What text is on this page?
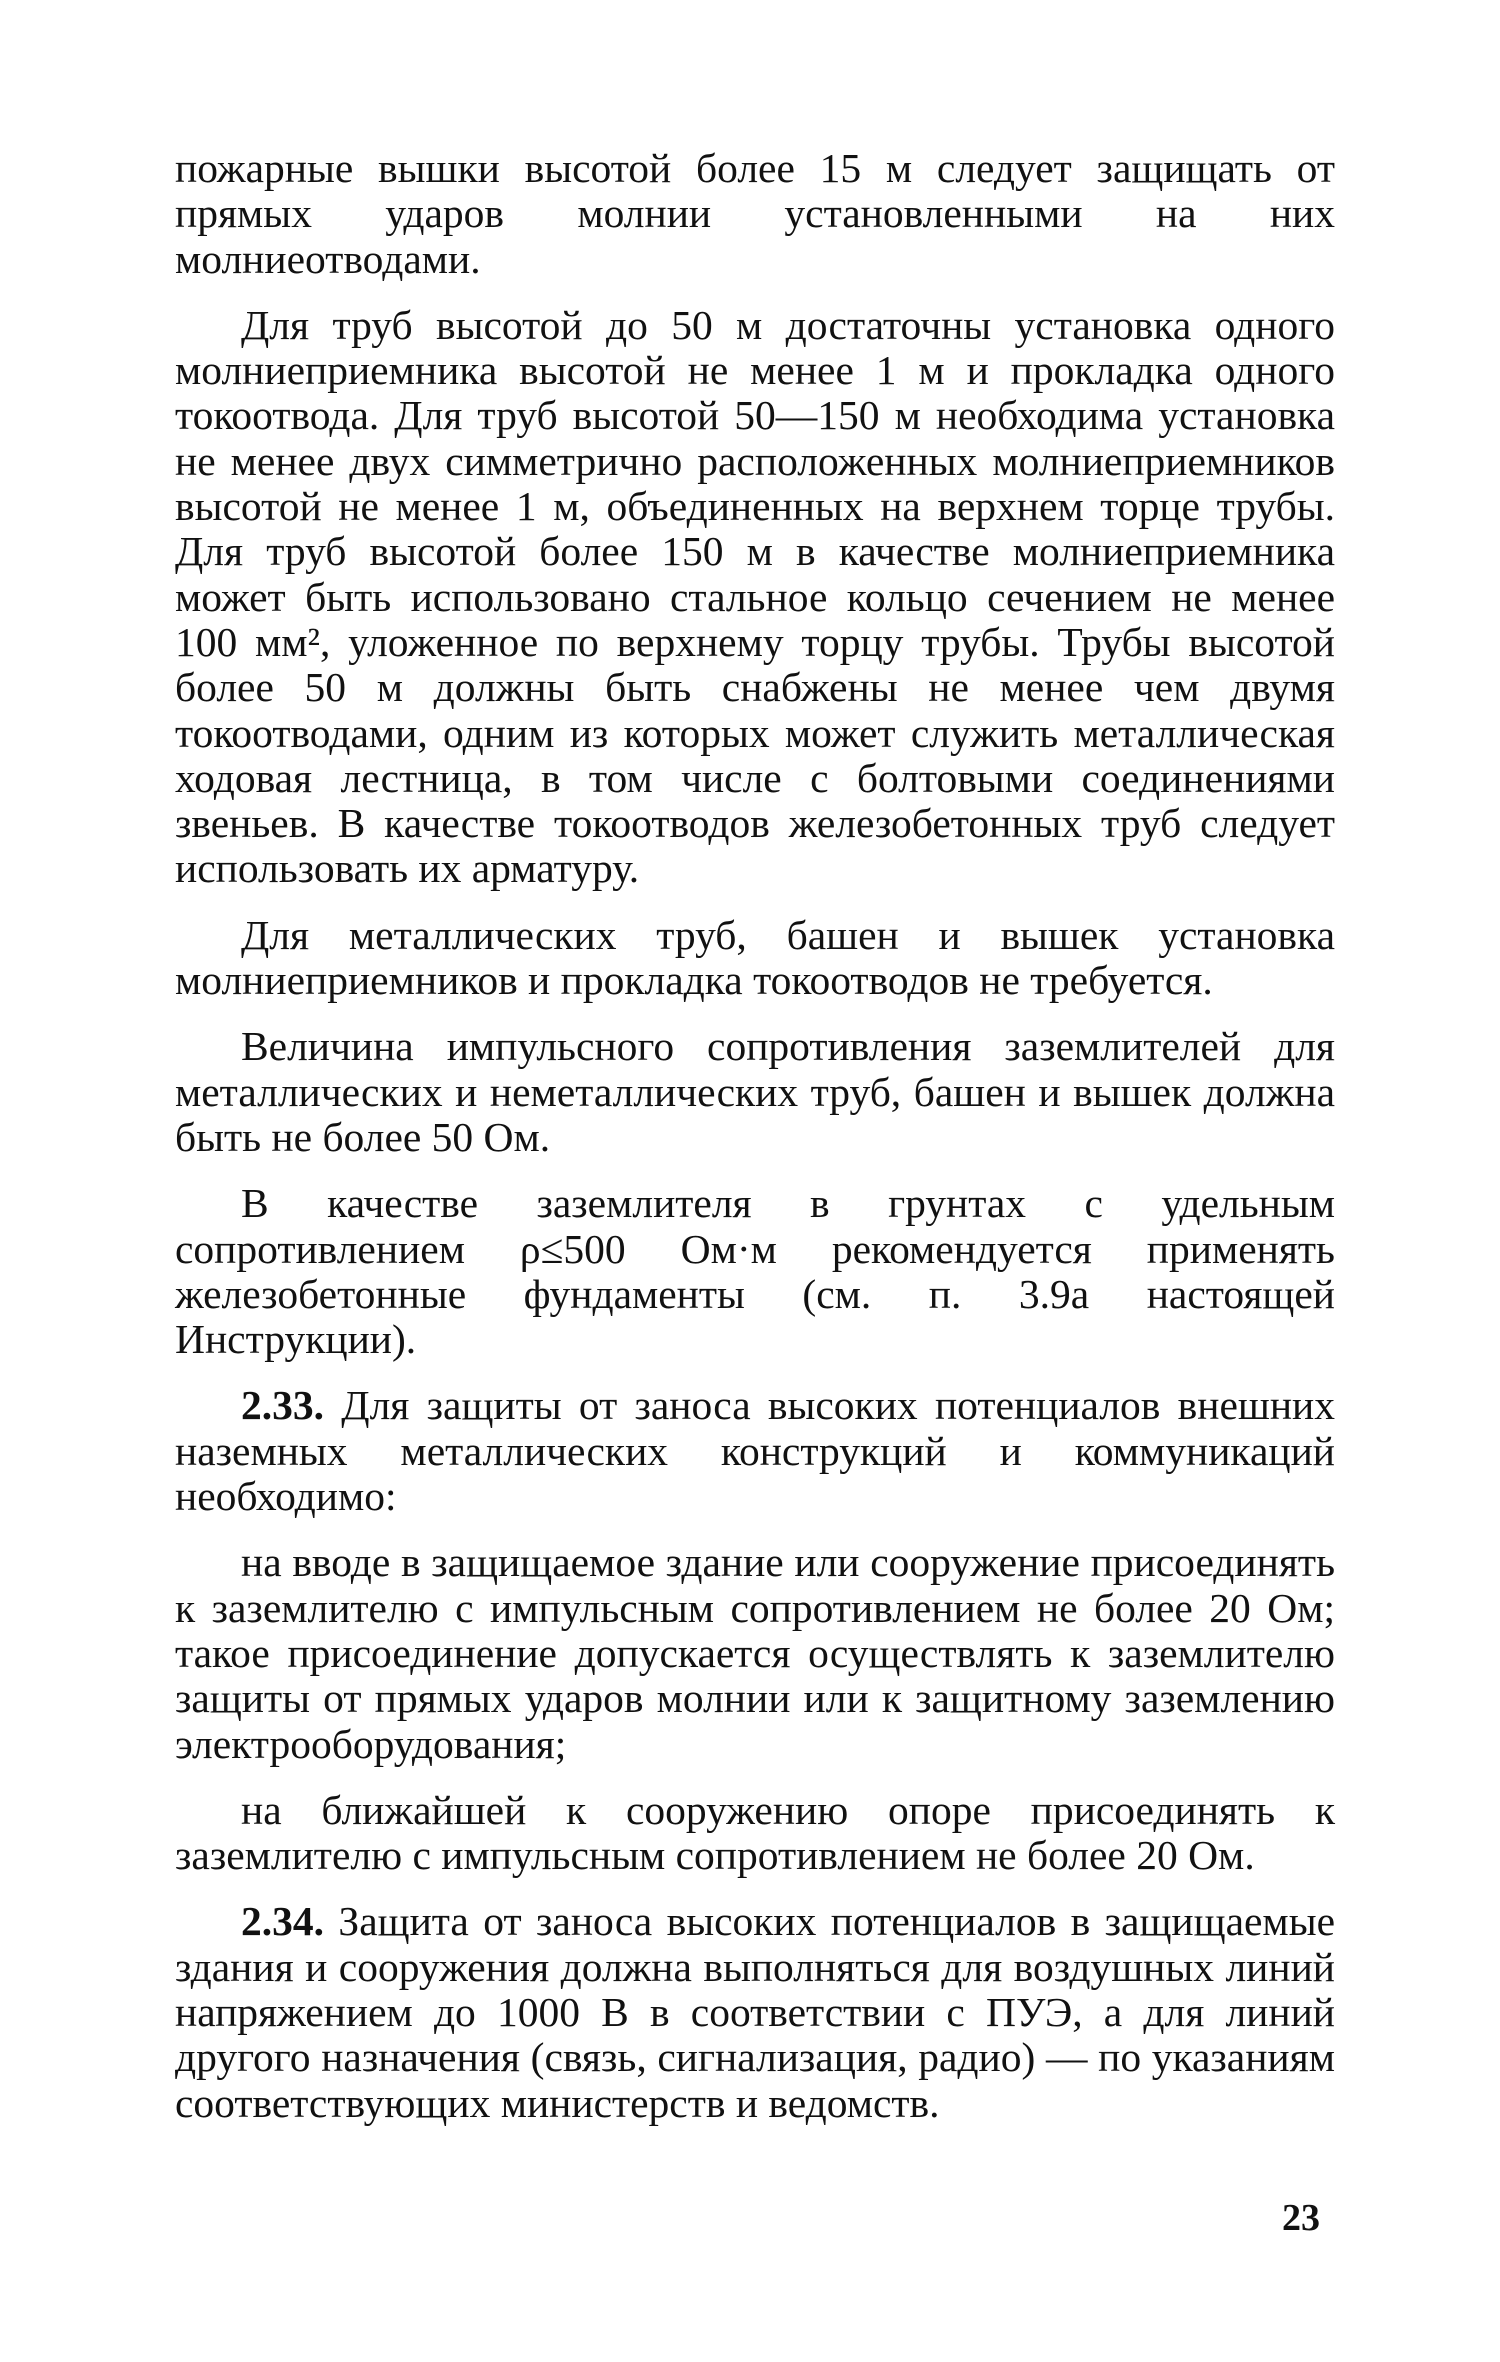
пожарные вышки высотой более 15 м следует защищать от прямых ударов молнии установленными на них молниеотводами.

Для труб высотой до 50 м достаточны установка одного молниеприемника высотой не менее 1 м и прокладка одного токоотвода. Для труб высотой 50—150 м необходима установка не менее двух симметрично расположенных молниеприемников высотой не менее 1 м, объединенных на верхнем торце трубы. Для труб высотой более 150 м в качестве молниеприемника может быть использовано стальное кольцо сечением не менее 100 мм², уложенное по верхнему торцу трубы. Трубы высотой более 50 м должны быть снабжены не менее чем двумя токоотводами, одним из которых может служить металлическая ходовая лестница, в том числе с болтовыми соединениями звеньев. В качестве токоотводов железобетонных труб следует использовать их арматуру.

Для металлических труб, башен и вышек установка молниеприемников и прокладка токоотводов не требуется.

Величина импульсного сопротивления заземлителей для металлических и неметаллических труб, башен и вышек должна быть не более 50 Ом.

В качестве заземлителя в грунтах с удельным сопротивлением ρ≤500 Ом·м рекомендуется применять железобетонные фундаменты (см. п. 3.9а настоящей Инструкции).

2.33. Для защиты от заноса высоких потенциалов внешних наземных металлических конструкций и коммуникаций необходимо:

на вводе в защищаемое здание или сооружение присоединять к заземлителю с импульсным сопротивлением не более 20 Ом; такое присоединение допускается осуществлять к заземлителю защиты от прямых ударов молнии или к защитному заземлению электрооборудования;

на ближайшей к сооружению опоре присоединять к заземлителю с импульсным сопротивлением не более 20 Ом.

2.34. Защита от заноса высоких потенциалов в защищаемые здания и сооружения должна выполняться для воздушных линий напряжением до 1000 В в соответствии с ПУЭ, а для линий другого назначения (связь, сигнализация, радио) — по указаниям соответствующих министерств и ведомств.

23
